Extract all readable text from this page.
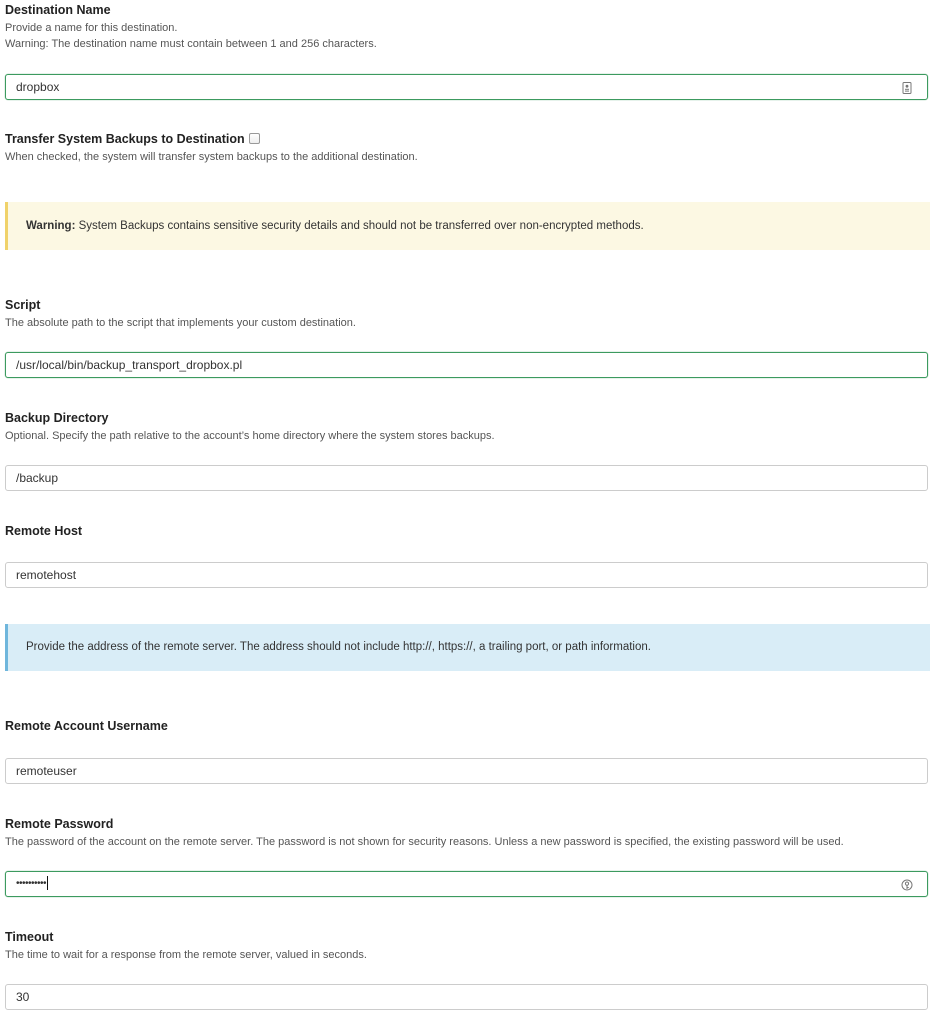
Destination Name
Provide a name for this destination.
Warning: The destination name must contain between 1 and 256 characters.
dropbox
Transfer System Backups to Destination
When checked, the system will transfer system backups to the additional destination.
Warning: System Backups contains sensitive security details and should not be transferred over non-encrypted methods.
Script
The absolute path to the script that implements your custom destination.
/usr/local/bin/backup_transport_dropbox.pl
Backup Directory
Optional. Specify the path relative to the account’s home directory where the system stores backups.
/backup
Remote Host
remotehost
Provide the address of the remote server. The address should not include http://, https://, a trailing port, or path information.
Remote Account Username
remoteuser
Remote Password
The password of the account on the remote server. The password is not shown for security reasons. Unless a new password is specified, the existing password will be used.
••••••••••
Timeout
The time to wait for a response from the remote server, valued in seconds.
30
